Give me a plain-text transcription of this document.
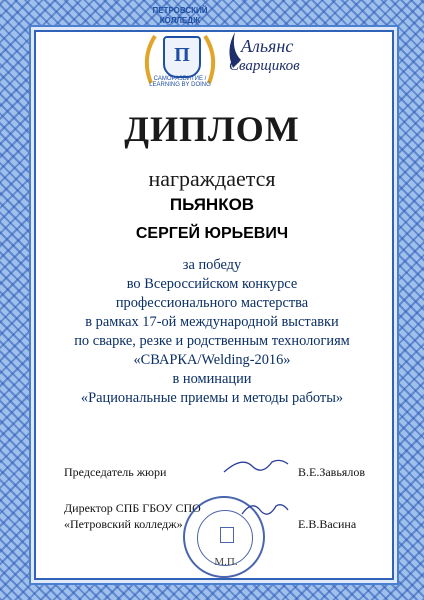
ПЕТРОВСКИЙ
КОЛЛЕДЖ
П
САМОРАЗВИТИЕ / LEARNING BY DOING
Альянс
Сварщиков
ДИПЛОМ
награждается
ПЬЯНКОВ
СЕРГЕЙ ЮРЬЕВИЧ
за победу
во Всероссийском конкурсе
профессионального мастерства
в рамках 17-ой международной выставки
по сварке, резке и родственным технологиям
«СВАРКА/Welding-2016»
в номинации
«Рациональные приемы и методы работы»
Председатель жюри	В.Е.Завьялов
Директор СПБ ГБОУ СПО
«Петровский колледж»	Е.В.Васина
М.П.
